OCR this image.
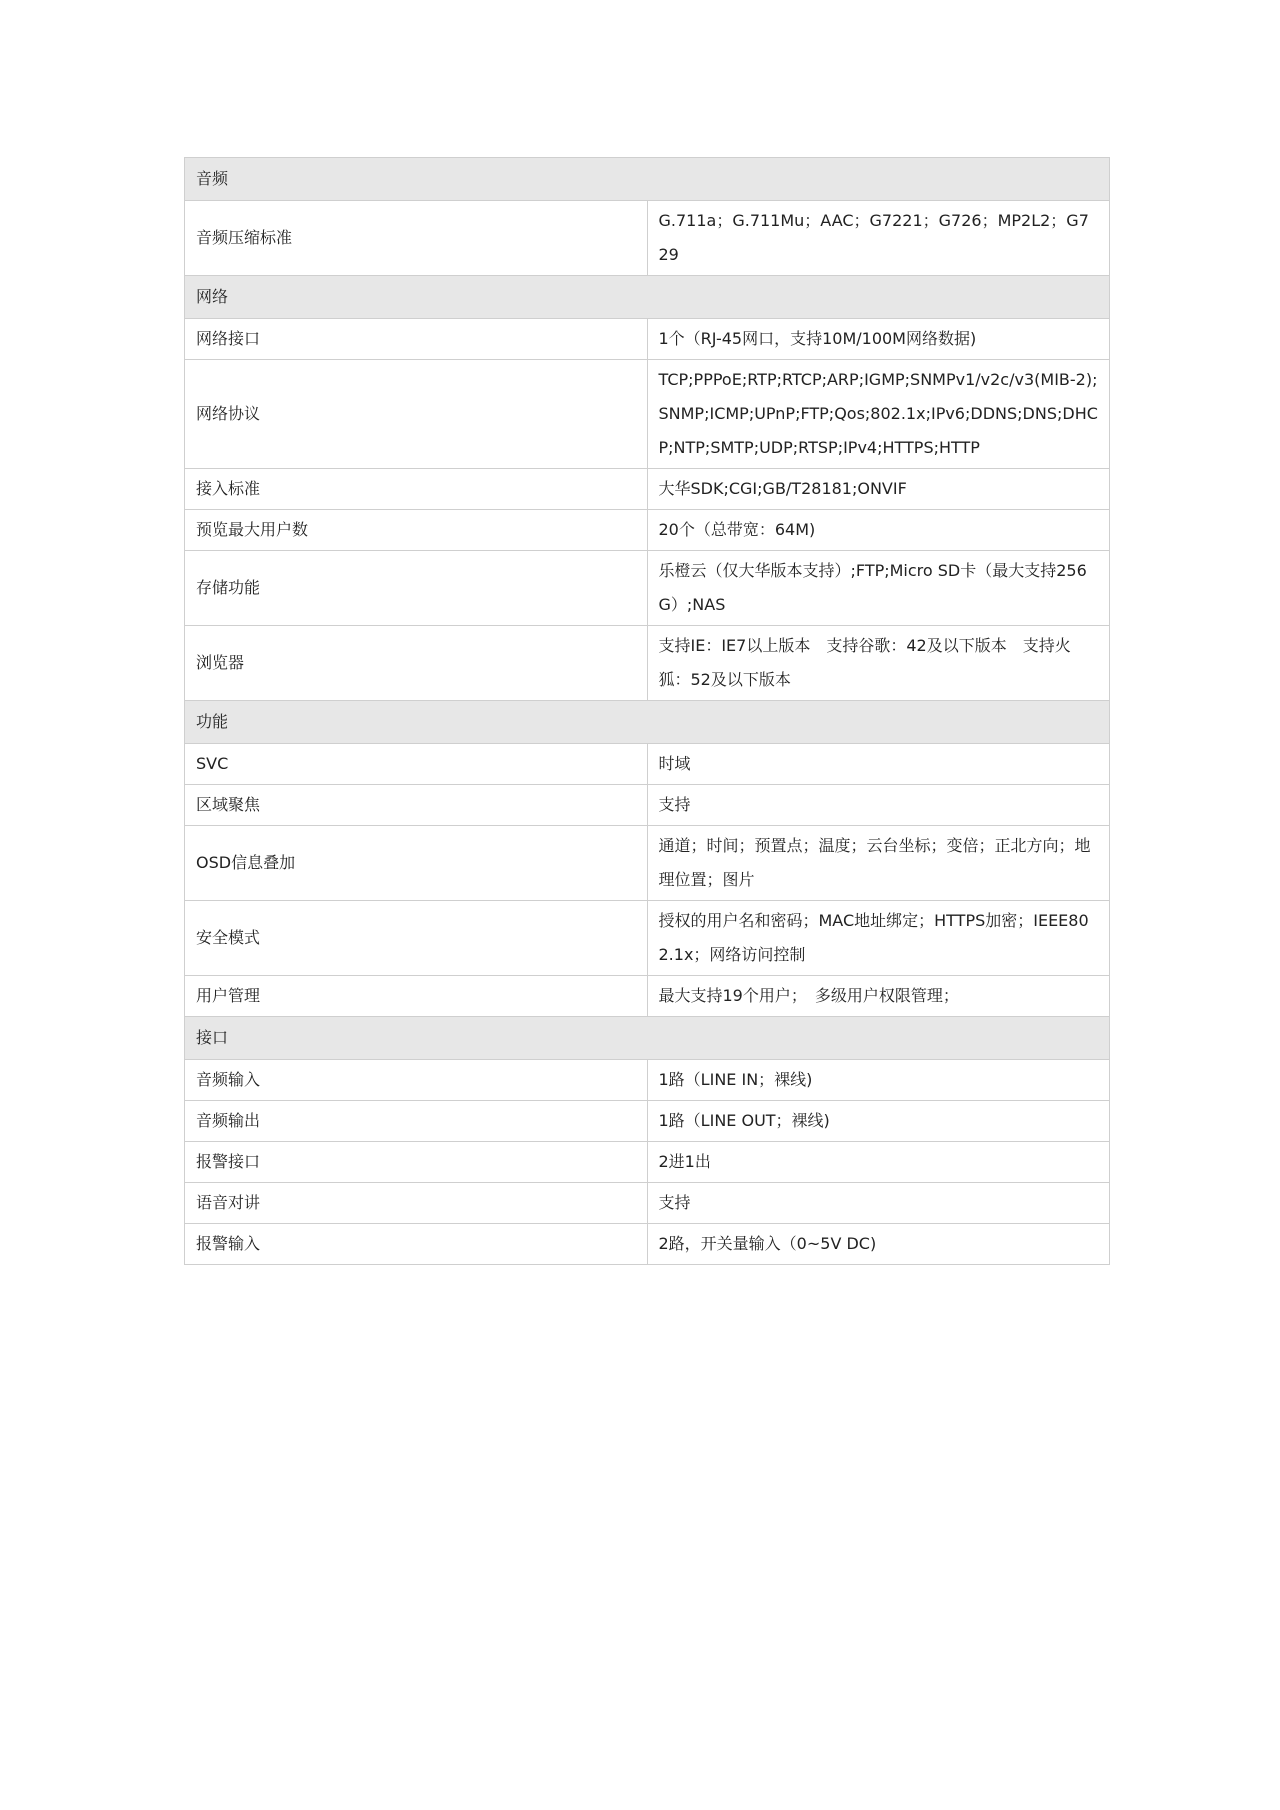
音频	
音频压缩标准	G.711a；G.711Mu；AAC；G7221；G726；MP2L2；G729
网络	
网络接口	1个（RJ-45网口，支持10M/100M网络数据)
网络协议	TCP;PPPoE;RTP;RTCP;ARP;IGMP;SNMPv1/v2c/v3(MIB-2);SNMP;ICMP;UPnP;FTP;Qos;802.1x;IPv6;DDNS;DNS;DHCP;NTP;SMTP;UDP;RTSP;IPv4;HTTPS;HTTP
接入标准	大华SDK;CGI;GB/T28181;ONVIF
预览最大用户数	20个（总带宽：64M)
存储功能	乐橙云（仅大华版本支持）;FTP;Micro SD卡（最大支持256G）;NAS
浏览器	支持IE：IE7以上版本　支持谷歌：42及以下版本　支持火狐：52及以下版本
功能	
SVC	时域
区域聚焦	支持
OSD信息叠加	通道；时间；预置点；温度；云台坐标；变倍；正北方向；地理位置；图片
安全模式	授权的用户名和密码；MAC地址绑定；HTTPS加密；IEEE802.1x；网络访问控制
用户管理	最大支持19个用户；　多级用户权限管理；
接口	
音频输入	1路（LINE IN；裸线)
音频输出	1路（LINE OUT；裸线)
报警接口	2进1出
语音对讲	支持
报警输入	2路，开关量输入（0~5V DC)
